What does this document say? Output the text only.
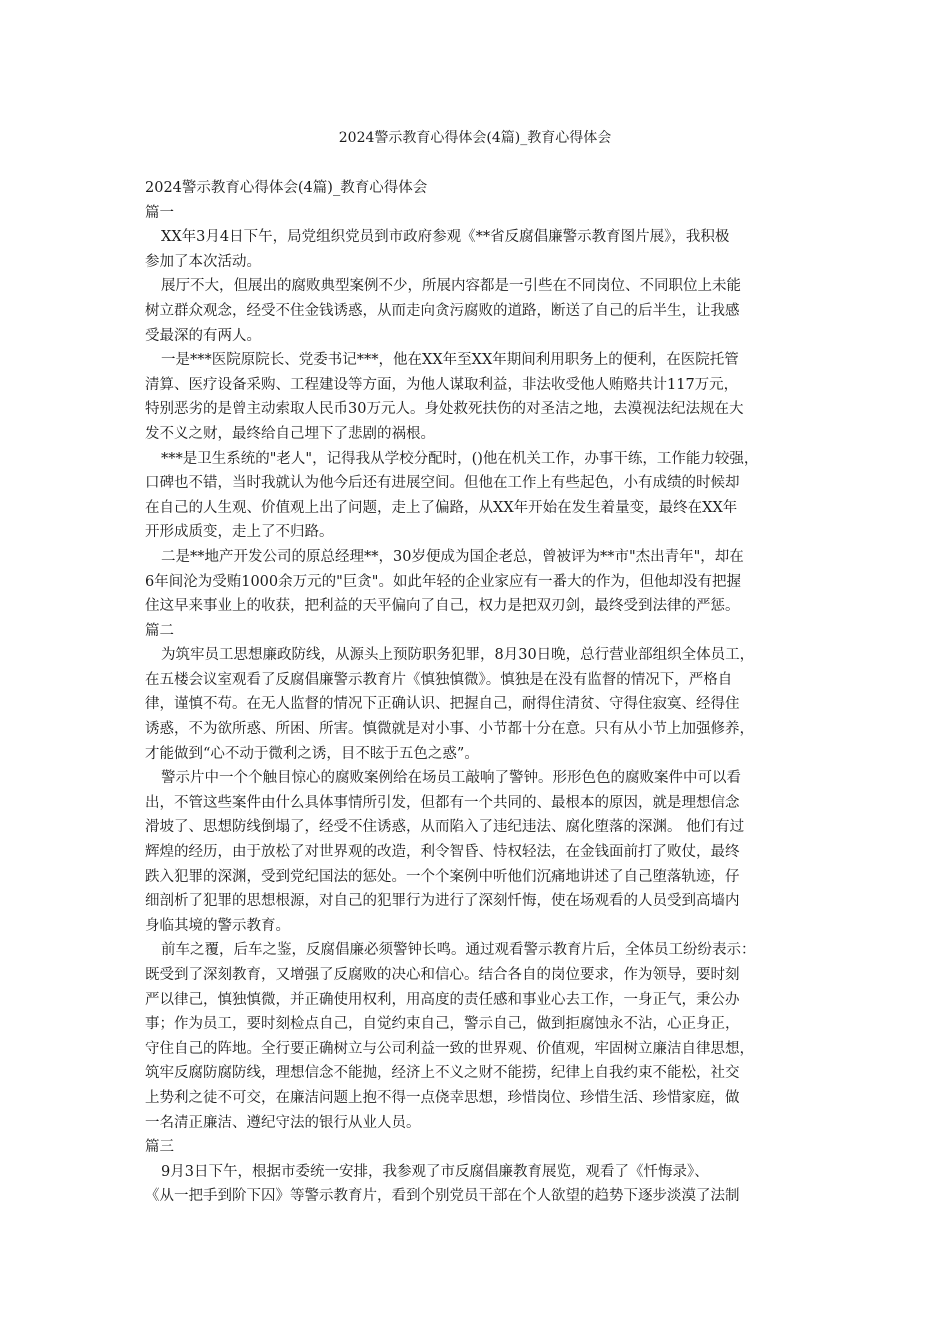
2024警示教育心得体会(4篇)_教育心得体会
2024警示教育心得体会(4篇)_教育心得体会
篇一
XX年3月4日下午，局党组织党员到市政府参观《**省反腐倡廉警示教育图片展》，我积极
参加了本次活动。
展厅不大，但展出的腐败典型案例不少，所展内容都是一引些在不同岗位、不同职位上未能
树立群众观念，经受不住金钱诱惑，从而走向贪污腐败的道路，断送了自己的后半生，让我感
受最深的有两人。
一是***医院原院长、党委书记***，他在XX年至XX年期间利用职务上的便利，在医院托管
清算、医疗设备采购、工程建设等方面，为他人谋取利益，非法收受他人贿赂共计117万元，
特别恶劣的是曾主动索取人民币30万元人。身处救死扶伤的对圣洁之地，去漠视法纪法规在大
发不义之财，最终给自己埋下了悲剧的祸根。
***是卫生系统的"老人"，记得我从学校分配时，()他在机关工作，办事干练，工作能力较强，
口碑也不错，当时我就认为他今后还有进展空间。但他在工作上有些起色，小有成绩的时候却
在自己的人生观、价值观上出了问题，走上了偏路，从XX年开始在发生着量变，最终在XX年
开形成质变，走上了不归路。
二是**地产开发公司的原总经理**，30岁便成为国企老总，曾被评为**市"杰出青年"，却在
6年间沦为受贿1000余万元的"巨贪"。如此年轻的企业家应有一番大的作为，但他却没有把握
住这早来事业上的收获，把利益的天平偏向了自己，权力是把双刃剑，最终受到法律的严惩。
篇二
为筑牢员工思想廉政防线，从源头上预防职务犯罪，8月30日晚，总行营业部组织全体员工，
在五楼会议室观看了反腐倡廉警示教育片《慎独慎微》。慎独是在没有监督的情况下，严格自
律，谨慎不苟。在无人监督的情况下正确认识、把握自己，耐得住清贫、守得住寂寞、经得住
诱惑，不为欲所惑、所困、所害。慎微就是对小事、小节都十分在意。只有从小节上加强修养，
才能做到“心不动于微利之诱，目不眩于五色之惑”。
警示片中一个个触目惊心的腐败案例给在场员工敲响了警钟。形形色色的腐败案件中可以看
出，不管这些案件由什么具体事情所引发，但都有一个共同的、最根本的原因，就是理想信念
滑坡了、思想防线倒塌了，经受不住诱惑，从而陷入了违纪违法、腐化堕落的深渊。 他们有过
辉煌的经历，由于放松了对世界观的改造，利令智昏、恃权轻法，在金钱面前打了败仗，最终
跌入犯罪的深渊，受到党纪国法的惩处。一个个案例中听他们沉痛地讲述了自己堕落轨迹，仔
细剖析了犯罪的思想根源，对自己的犯罪行为进行了深刻忏悔，使在场观看的人员受到高墙内
身临其境的警示教育。
前车之覆，后车之鉴，反腐倡廉必须警钟长鸣。通过观看警示教育片后，全体员工纷纷表示：
既受到了深刻教育，又增强了反腐败的决心和信心。结合各自的岗位要求，作为领导，要时刻
严以律己，慎独慎微，并正确使用权利，用高度的责任感和事业心去工作，一身正气，秉公办
事；作为员工，要时刻检点自己，自觉约束自己，警示自己，做到拒腐蚀永不沾，心正身正，
守住自己的阵地。全行要正确树立与公司利益一致的世界观、价值观，牢固树立廉洁自律思想，
筑牢反腐防腐防线，理想信念不能抛，经济上不义之财不能捞，纪律上自我约束不能松，社交
上势利之徒不可交，在廉洁问题上抱不得一点侥幸思想，珍惜岗位、珍惜生活、珍惜家庭，做
一名清正廉洁、遵纪守法的银行从业人员。
篇三
9月3日下午，根据市委统一安排，我参观了市反腐倡廉教育展览，观看了《忏悔录》、
《从一把手到阶下囚》等警示教育片，看到个别党员干部在个人欲望的趋势下逐步淡漠了法制
